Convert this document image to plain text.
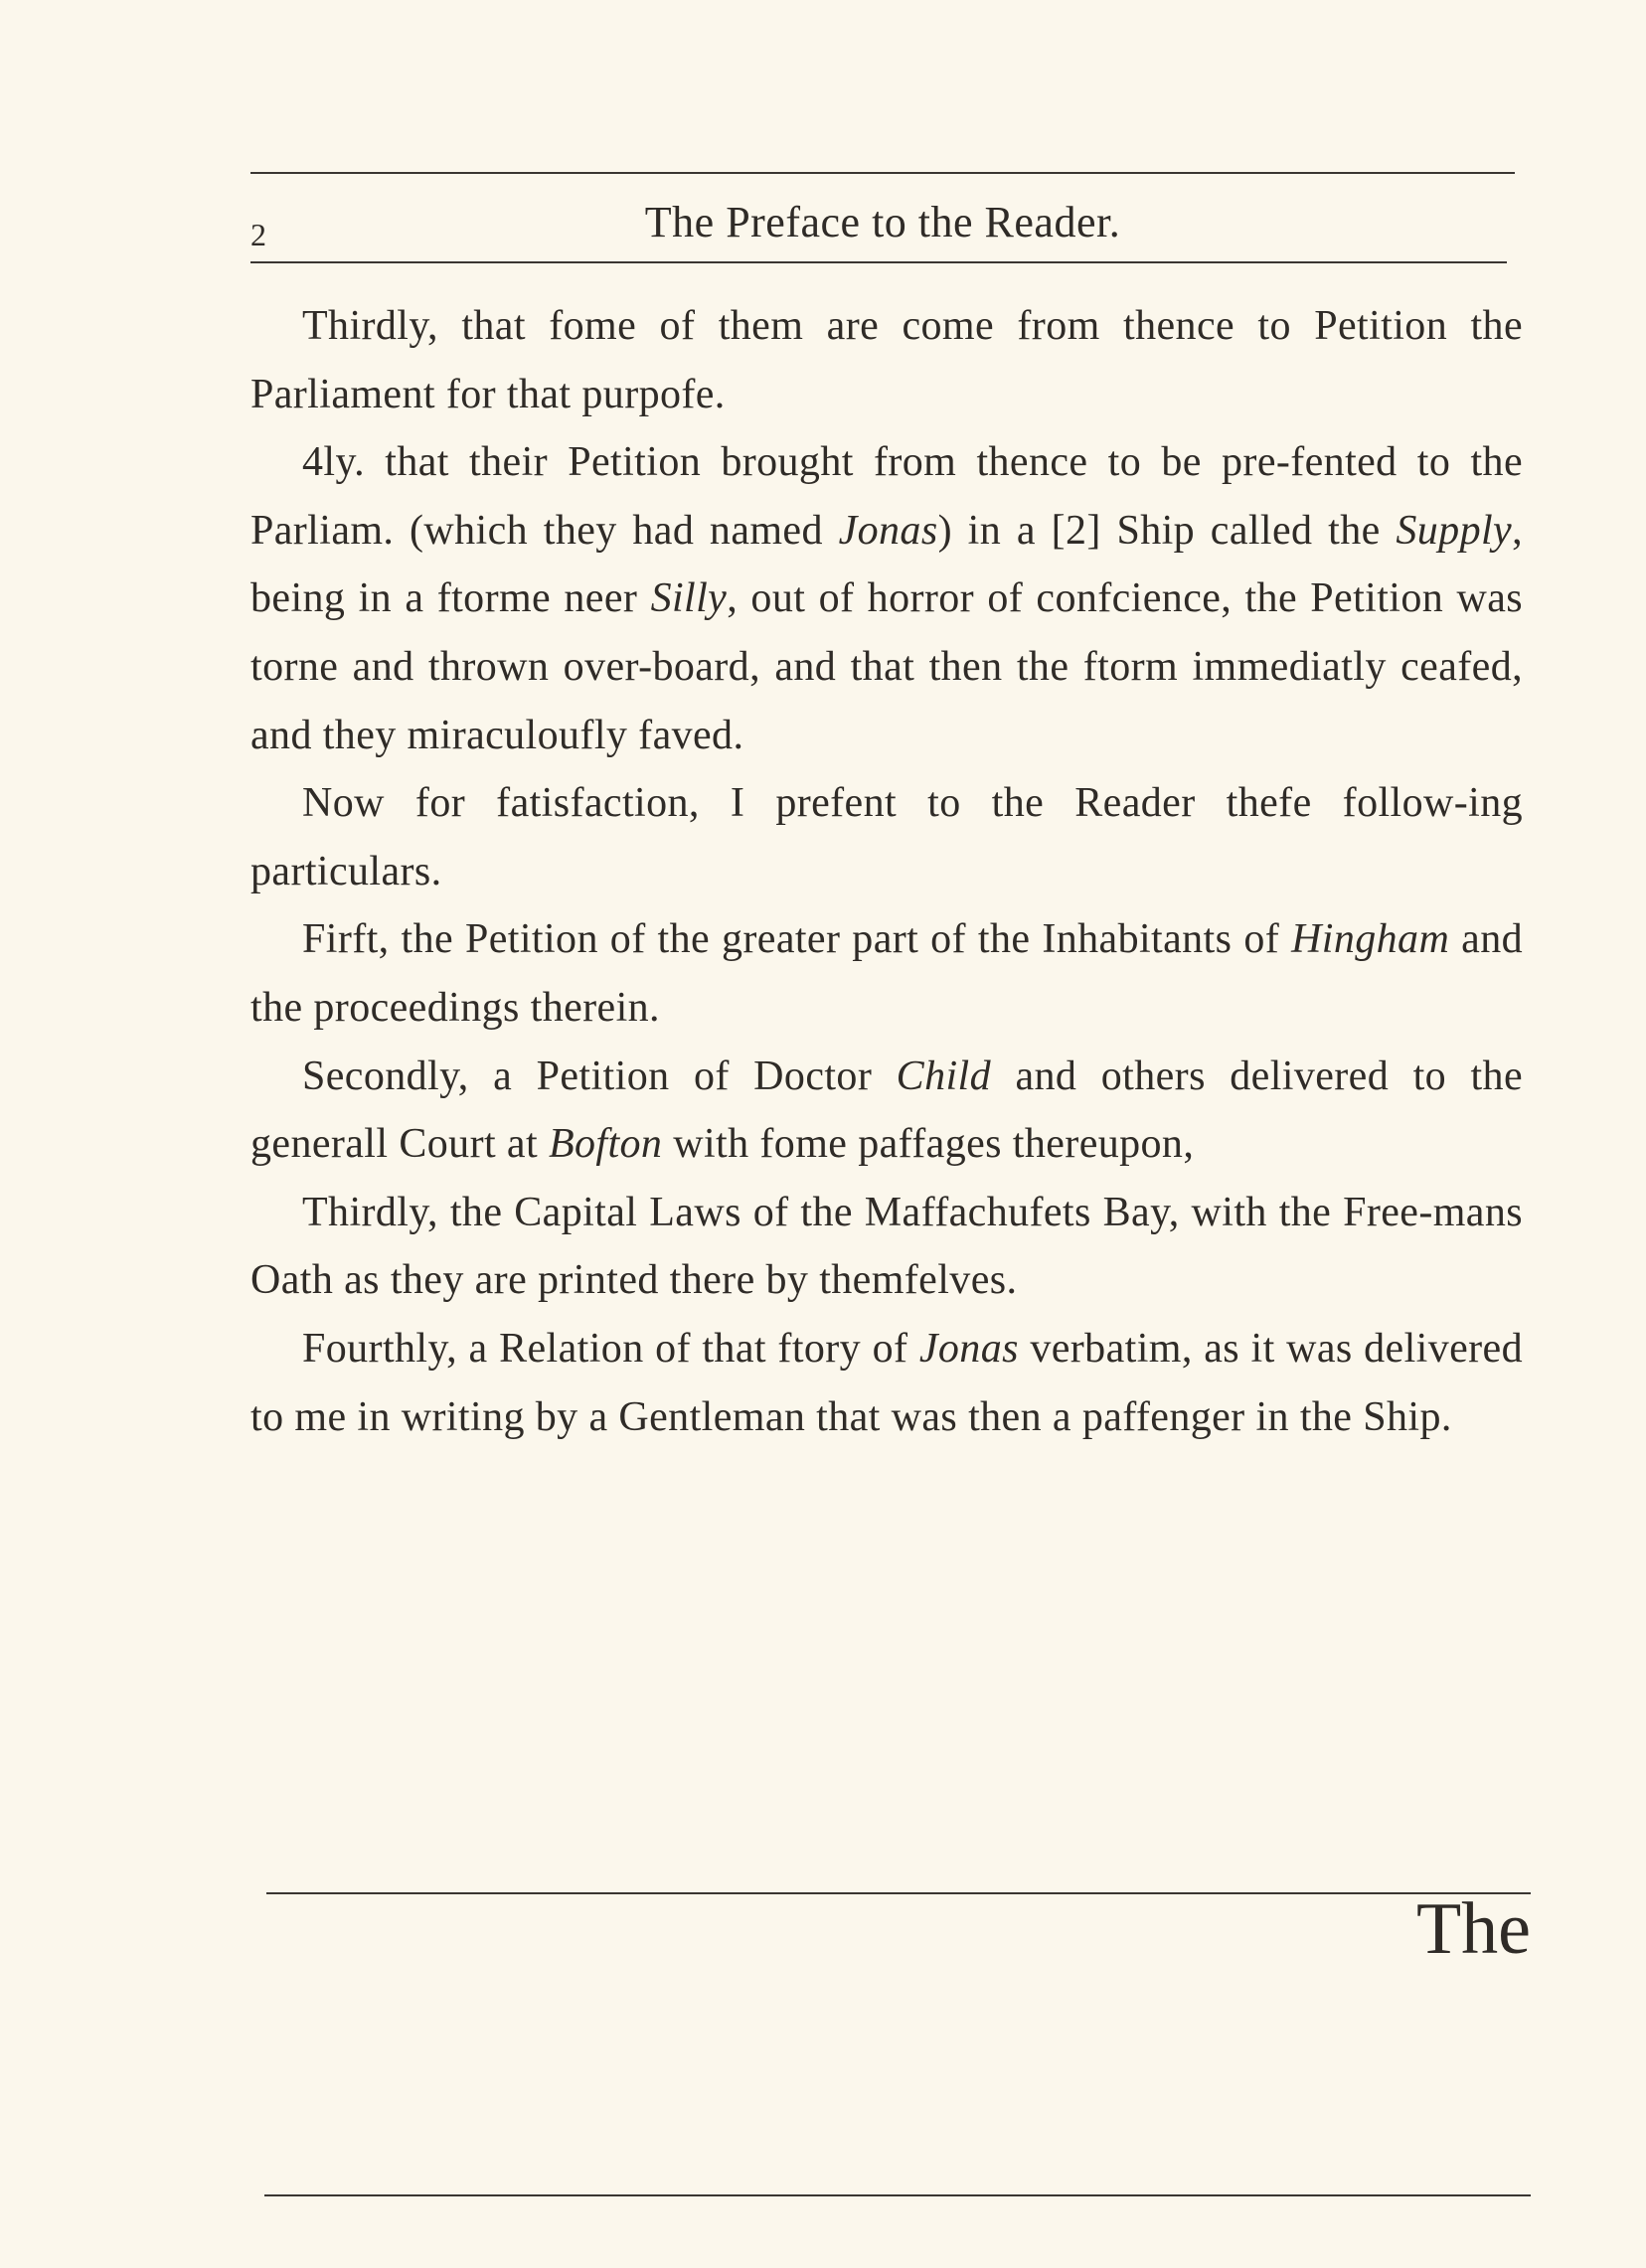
2	The Preface to the Reader.

Thirdly, that fome of them are come from thence to Petition the Parliament for that purpofe.

4ly. that their Petition brought from thence to be pre-fented to the Parliam. (which they had named Jonas) in a [2] Ship called the Supply, being in a ftorme neer Silly, out of horror of confcience, the Petition was torne and thrown over-board, and that then the ftorm immediatly ceafed, and they miraculoufly faved.

Now for fatisfaction, I prefent to the Reader thefe follow-ing particulars.

Firft, the Petition of the greater part of the Inhabitants of Hingham and the proceedings therein.

Secondly, a Petition of Doctor Child and others delivered to the generall Court at Bofton with fome paffages thereupon,

Thirdly, the Capital Laws of the Maffachufets Bay, with the Free-mans Oath as they are printed there by themfelves.

Fourthly, a Relation of that ftory of Jonas verbatim, as it was delivered to me in writing by a Gentleman that was then a paffenger in the Ship.

The
